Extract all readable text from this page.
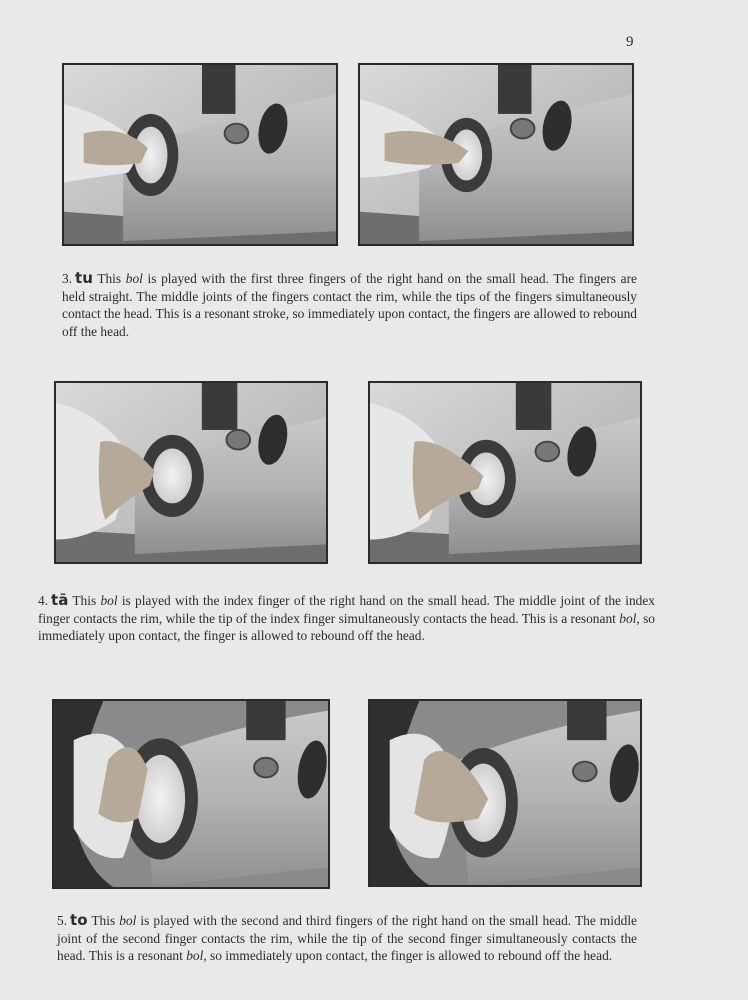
9

3. tu This bol is played with the first three fingers of the right hand on the small head. The fingers are held straight. The middle joints of the fingers contact the rim, while the tips of the fingers simultaneously contact the head. This is a resonant stroke, so immediately upon contact, the fingers are allowed to rebound off the head.

4. tā This bol is played with the index finger of the right hand on the small head. The middle joint of the index finger contacts the rim, while the tip of the index finger simultaneously contacts the head. This is a resonant bol, so immediately upon contact, the finger is allowed to rebound off the head.

5. to This bol is played with the second and third fingers of the right hand on the small head. The middle joint of the second finger contacts the rim, while the tip of the second finger simultaneously contacts the head. This is a resonant bol, so immediately upon contact, the finger is allowed to rebound off the head.
